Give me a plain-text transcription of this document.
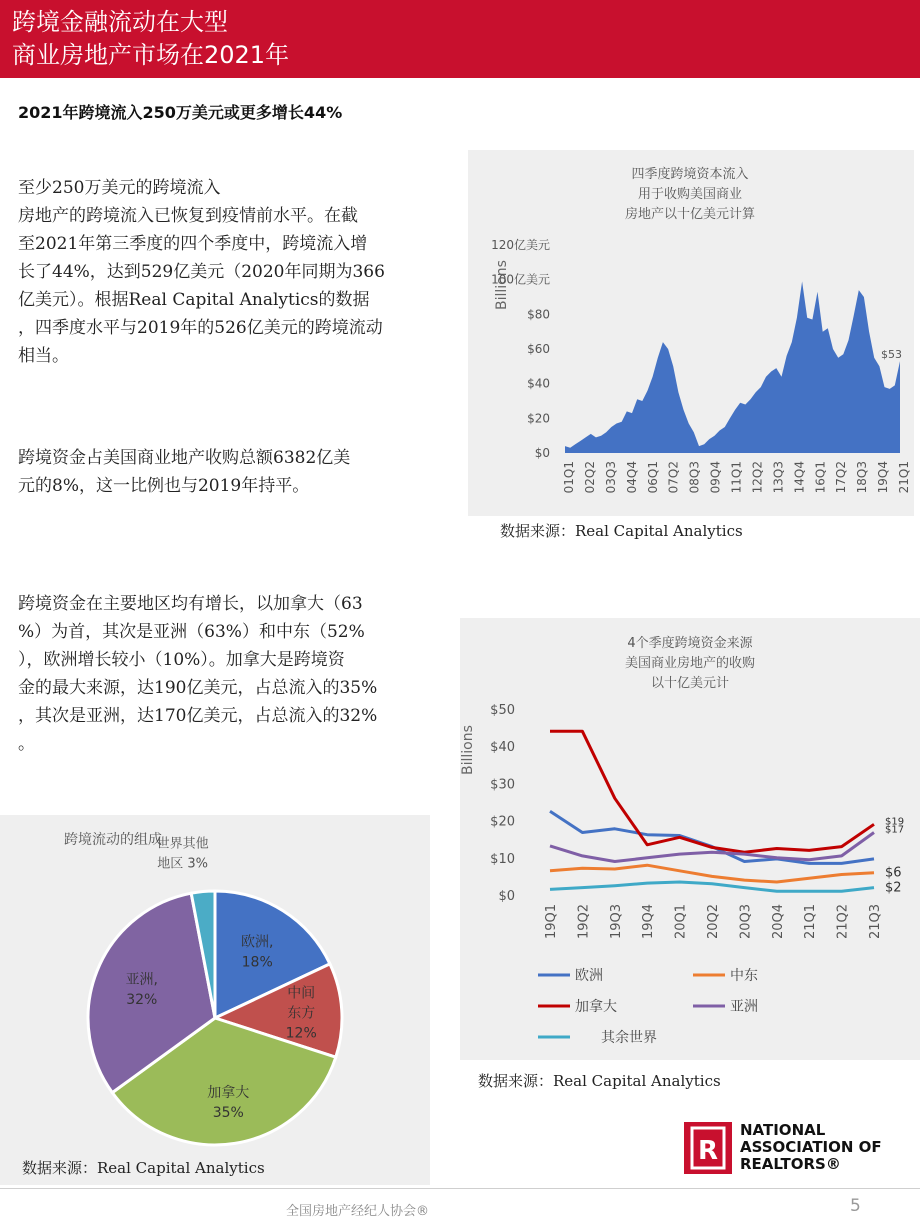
跨境金融流动在大型
商业房地产市场在2021年
2021年跨境流入250万美元或更多增长44%
至少250万美元的跨境流入
房地产的跨境流入已恢复到疫情前水平。在截
至2021年第三季度的四个季度中，跨境流入增
长了44%，达到529亿美元（2020年同期为366
亿美元）。根据Real Capital Analytics的数据
，四季度水平与2019年的526亿美元的跨境流动
相当。
跨境资金占美国商业地产收购总额6382亿美
元的8%，这一比例也与2019年持平。
跨境资金在主要地区均有增长，以加拿大（63
%）为首，其次是亚洲（63%）和中东（52%
），欧洲增长较小（10%）。加拿大是跨境资
金的最大来源，达190亿美元，占总流入的35%
，其次是亚洲，达170亿美元，占总流入的32%
。
四季度跨境资本流入
用于收购美国商业
房地产以十亿美元计算
Billions
$0
$20
$40
$60
$80
100亿美元
120亿美元
$53
01Q1 02Q2 03Q3 04Q4 06Q1 07Q2 08Q3 09Q4 11Q1 12Q2 13Q3 14Q4 16Q1 17Q2 18Q3 19Q4 21Q1
数据来源：Real Capital Analytics
4个季度跨境资金来源
美国商业房地产的收购
以十亿美元计
Billions
$0
$10
$20
$30
$40
$50
$6
$19
$17
$2
19Q1 19Q2 19Q3 19Q4 20Q1 20Q2 20Q3 20Q4 21Q1 21Q2 21Q3
欧洲	中东
加拿大	亚洲
其余世界
数据来源：Real Capital Analytics
跨境流动的组成
欧洲,
18%
中间
东方
12%
加拿大
35%
亚洲,
32%
世界其他
地区 3%
数据来源：Real Capital Analytics
R
NATIONAL
ASSOCIATION OF
REALTORS®
全国房地产经纪人协会®	5
